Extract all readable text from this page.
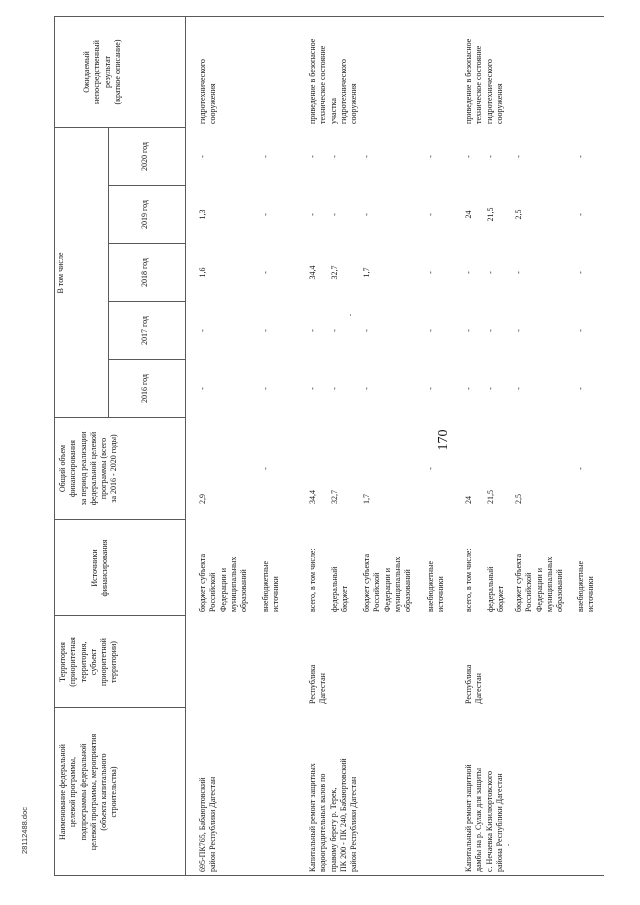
170
Наименование федеральной
целевой программы,
подпрограммы федеральной
целевой программы, мероприятия
(объекта капитального
строительства)
Территория
(приоритетная
территория,
субъект
приоритетной
территории)
Источники
финансирования
Общий объем
финансирования
за период реализации
федеральной целевой
программы (всего
за 2016 - 2020 годы)
В том числе
2016 год
2017 год
2018 год
2019 год
2020 год
Ожидаемый
непосредственный
результат
(краткое описание)
695-ПК765, Бабаюртовский
район Республики Дагестан
гидротехнического
сооружения
бюджет субъекта
Российской
Федерации и
муниципальных
образований
2,9
-
-
1,6
1,3
-
внебюджетные
источники
-
-
-
-
-
-
Капитальный ремонт защитных
водооградительных валов по
правому берегу р. Терек,
ПК 200 - ПК 240, Бабаюртовский
район Республики Дагестан
Республика
Дагестан
приведение в безопасное
техническое состояние
участка
гидротехнического
сооружения
всего, в том числе:
34,4
-
-
34,4
-
-
федеральный
бюджет
32,7
-
-
32,7
-
-
бюджет субъекта
Российской
Федерации и
муниципальных
образований
1,7
-
-
1,7
-
-
внебюджетные
источники
-
-
-
-
-
-
Капитальный ремонт защитной
дамбы на р. Сулак для защиты
с. Нечаевка Кизилюртовского
района Республики Дагестан
Республика
Дагестан
приведение в безопасное
техническое состояние
гидротехнического
сооружения
всего, в том числе:
24
-
-
-
24
-
федеральный
бюджет
21,5
-
-
-
21,5
-
бюджет субъекта
Российской
Федерации и
муниципальных
образований
2,5
-
-
-
2,5
-
внебюджетные
источники
-
-
-
-
-
-
28112488.doc
